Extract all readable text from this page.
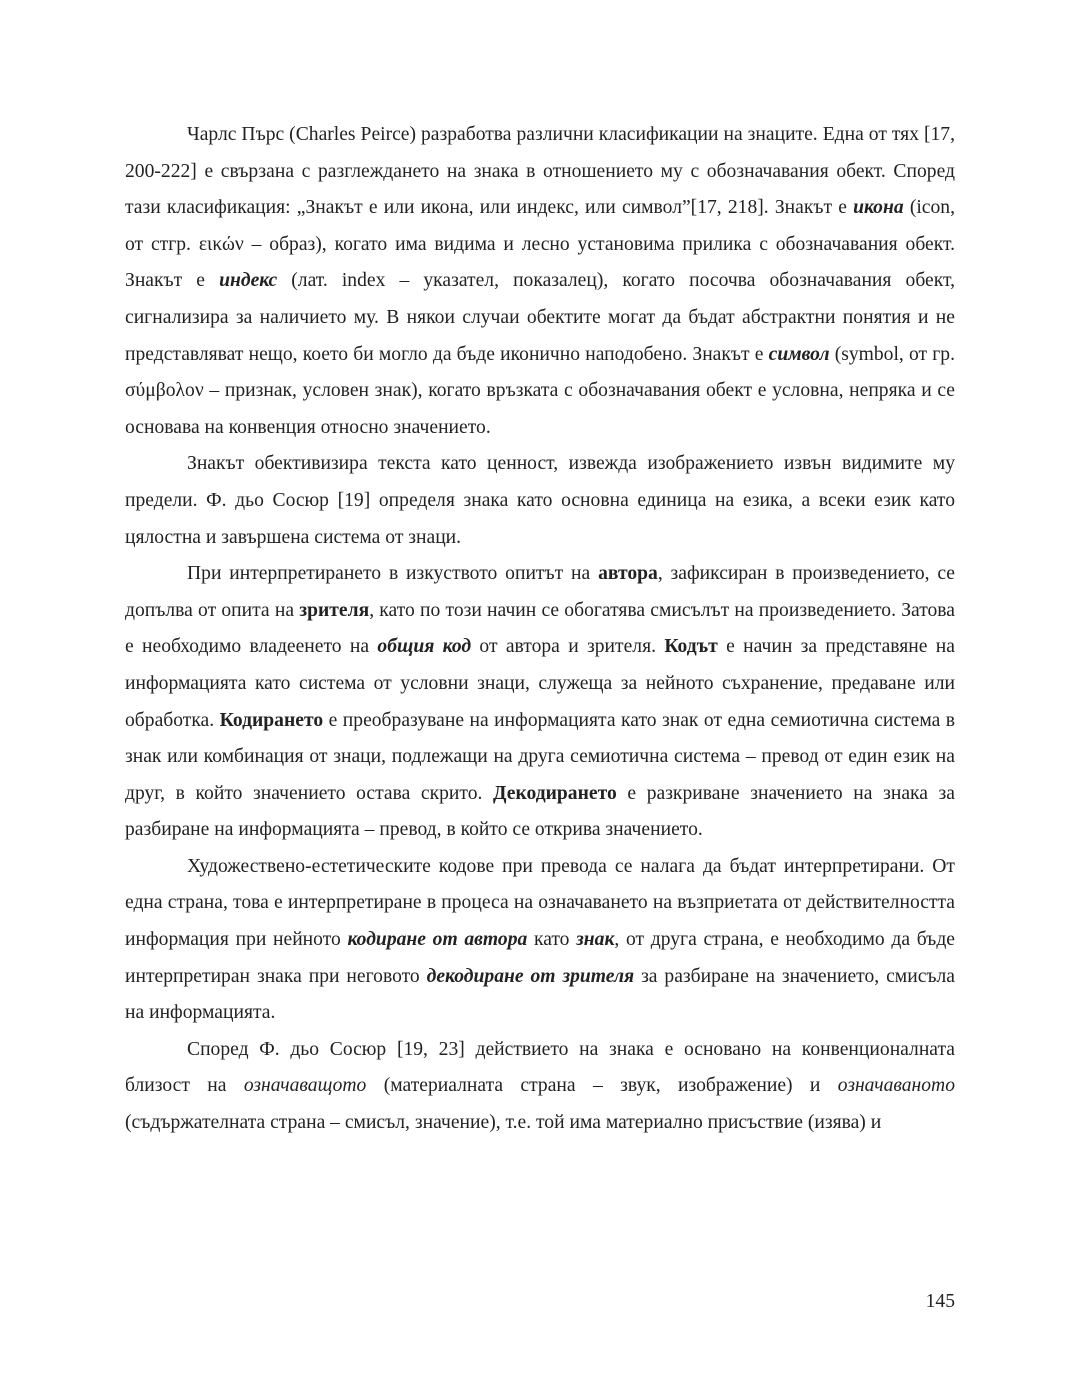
Чарлс Пърс (Charles Peirce) разработва различни класификации на знаците. Една от тях [17, 200-222] е свързана с разглеждането на знака в отношението му с обозначавания обект. Според тази класификация: „Знакът е или икона, или индекс, или символ”[17, 218]. Знакът е икона (icon, от стгр. εικών – образ), когато има видима и лесно установима прилика с обозначавания обект. Знакът е индекс (лат. index – указател, показалец), когато посочва обозначавания обект, сигнализира за наличието му. В някои случаи обектите могат да бъдат абстрактни понятия и не представляват нещо, което би могло да бъде иконично наподобено. Знакът е символ (symbol, от гр. σύμβολον – признак, условен знак), когато връзката с обозначавания обект е условна, непряка и се основава на конвенция относно значението.

Знакът обективизира текста като ценност, извежда изображението извън видимите му предели. Ф. дьо Сосюр [19] определя знака като основна единица на езика, а всеки език като цялостна и завършена система от знаци.

При интерпретирането в изкуството опитът на автора, зафиксиран в произведението, се допълва от опита на зрителя, като по този начин се обогатява смисълът на произведението. Затова е необходимо владеенето на общия код от автора и зрителя. Кодът е начин за представяне на информацията като система от условни знаци, служеща за нейното съхранение, предаване или обработка. Кодирането е преобразуване на информацията като знак от една семиотична система в знак или комбинация от знаци, подлежащи на друга семиотична система – превод от един език на друг, в който значението остава скрито. Декодирането е разкриване значението на знака за разбиране на информацията – превод, в който се открива значението.

Художествено-естетическите кодове при превода се налага да бъдат интерпретирани. От една страна, това е интерпретиране в процеса на означаването на възприетата от действителността информация при нейното кодиране от автора като знак, от друга страна, е необходимо да бъде интерпретиран знака при неговото декодиране от зрителя за разбиране на значението, смисъла на информацията.

Според Ф. дьо Сосюр [19, 23] действието на знака е основано на конвенционалната близост на означаващото (материалната страна – звук, изображение) и означаваното (съдържателната страна – смисъл, значение), т.е. той има материално присъствие (изява) и

145
